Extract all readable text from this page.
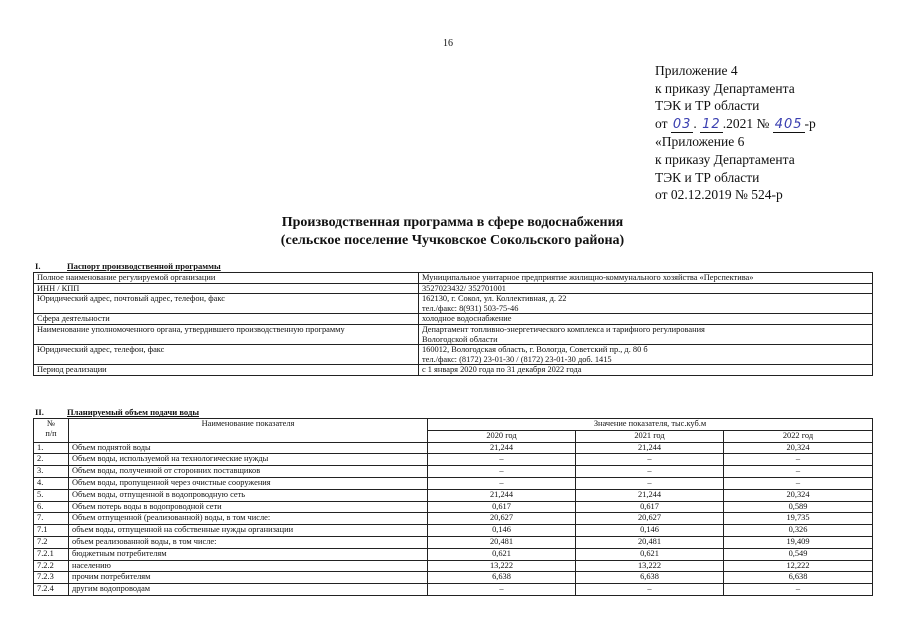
16
Приложение 4
к приказу Департамента
ТЭК и ТР области
от 03 . 12 .2021 № 405 -р
«Приложение 6
к приказу Департамента
ТЭК и ТР области
от 02.12.2019 № 524-р
Производственная программа в сфере водоснабжения
(сельское поселение Чучковское Сокольского района)
I.	Паспорт производственной программы
Полное наименование регулируемой организации	Муниципальное унитарное предприятие жилищно-коммунального хозяйства «Перспектива»
ИНН / КПП	3527023432/ 352701001
Юридический адрес, почтовый адрес, телефон, факс	162130, г. Сокол, ул. Коллективная, д. 22
тел./факс: 8(931) 503-75-46

Сфера деятельности	холодное водоснабжение
Наименование уполномоченного органа, утвердившего производственную программу	Департамент топливно-энергетического комплекса и тарифного регулирования
Вологодской области

Юридический адрес, телефон, факс	160012, Вологодская область, г. Вологда, Советский пр., д. 80 б
тел./факс: (8172) 23-01-30 / (8172) 23-01-30 доб. 1415

Период реализации	с 1 января 2020 года по 31 декабря 2022 года
II.	Планируемый объем подачи воды
№
п/п	Наименование показателя	Значение показателя, тыс.куб.м		
		2020 год	2021 год	2022 год
1.	Объем поднятой воды	21,244	21,244	20,324
2.	Объем воды, используемой на технологические нужды	–	–	–
3.	Объем воды, полученной от сторонних поставщиков	–	–	–
4.	Объем воды, пропущенной через очистные сооружения	–	–	–
5.	Объем воды, отпущенной в водопроводную сеть	21,244	21,244	20,324
6.	Объем потерь воды в водопроводной сети	0,617	0,617	0,589
7.	Объем отпущенной (реализованной) воды, в том числе:	20,627	20,627	19,735
7.1	объем воды, отпущенной на собственные нужды организации	0,146	0,146	0,326
7.2	объем реализованной воды, в том числе:	20,481	20,481	19,409
7.2.1	бюджетным потребителям	0,621	0,621	0,549
7.2.2	населению	13,222	13,222	12,222
7.2.3	прочим потребителям	6,638	6,638	6,638
7.2.4	другим водопроводам	–	–	–
